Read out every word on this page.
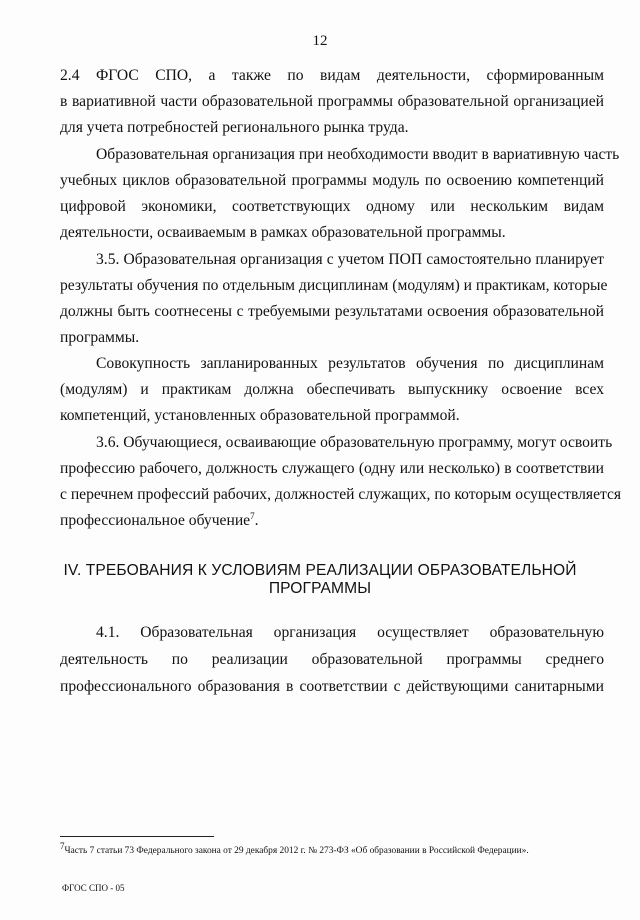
12
2.4 ФГОС СПО, а также по видам деятельности, сформированным
в вариативной части образовательной программы образовательной организацией
для учета потребностей регионального рынка труда.
Образовательная организация при необходимости вводит в вариативную часть
учебных циклов образовательной программы модуль по освоению компетенций
цифровой экономики, соответствующих одному или нескольким видам
деятельности, осваиваемым в рамках образовательной программы.
3.5. Образовательная организация с учетом ПОП самостоятельно планирует
результаты обучения по отдельным дисциплинам (модулям) и практикам, которые
должны быть соотнесены с требуемыми результатами освоения образовательной
программы.
Совокупность запланированных результатов обучения по дисциплинам
(модулям) и практикам должна обеспечивать выпускнику освоение всех
компетенций, установленных образовательной программой.
3.6. Обучающиеся, осваивающие образовательную программу, могут освоить
профессию рабочего, должность служащего (одну или несколько) в соответствии
с перечнем профессий рабочих, должностей служащих, по которым осуществляется
профессиональное обучение$^7$.
IV. ТРЕБОВАНИЯ К УСЛОВИЯМ РЕАЛИЗАЦИИ ОБРАЗОВАТЕЛЬНОЙ
ПРОГРАММЫ
4.1. Образовательная организация осуществляет образовательную
деятельность по реализации образовательной программы среднего
профессионального образования в соответствии с действующими санитарными
$^7$Часть 7 статьи 73 Федерального закона от 29 декабря 2012 г. № 273-ФЗ «Об образовании в Российской Федерации».
ФГОС СПО - 05
